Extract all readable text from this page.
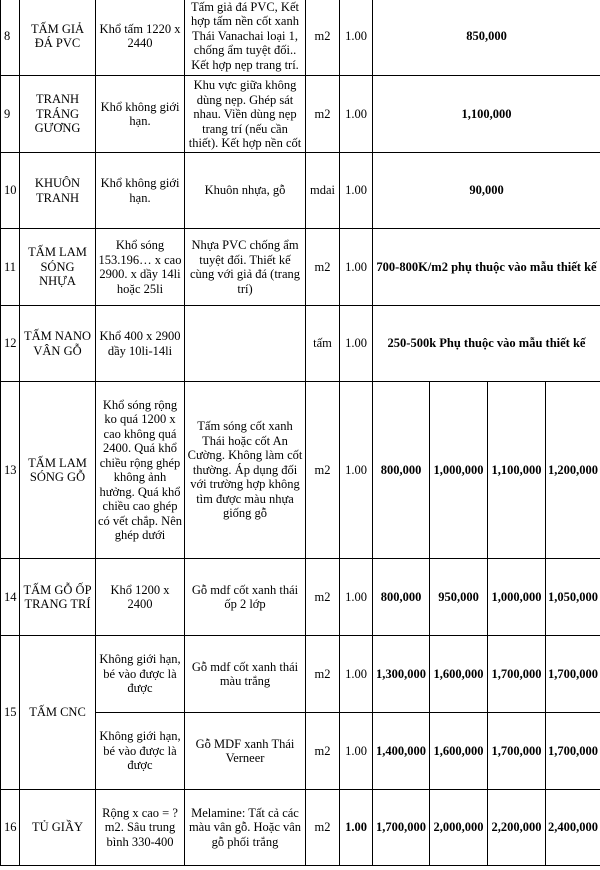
8	TẤM GIẢ ĐÁ PVC	Khổ tấm 1220 x 2440	Tấm giả đá PVC, Kết hợp tấm nền cốt xanh Thái Vanachai loại 1, chống ẩm tuyệt đối.. Kết hợp nẹp trang trí.	m2	1.00	850,000			
9	TRANH TRÁNG GƯƠNG	Khổ không giới hạn.	Khu vực giữa không dùng nẹp. Ghép sát nhau. Viền dùng nẹp trang trí (nếu cần thiết). Kết hợp nền cốt	m2	1.00	1,100,000			
10	KHUÔN TRANH	Khổ không giới hạn.	Khuôn nhựa, gỗ	mdai	1.00	90,000			
11	TẤM LAM SÓNG NHỰA	Khổ sóng 153.196… x cao 2900. x dầy 14li hoặc 25li	Nhựa PVC chống ẩm tuyệt đối. Thiết kế cùng với giả đá (trang trí)	m2	1.00	700-800K/m2 phụ thuộc vào mẫu thiết kế			
12	TẤM NANO VÂN GỖ	Khổ 400 x 2900 dầy 10li-14li		tấm	1.00	250-500k Phụ thuộc vào mẫu thiết kế			
13	TẤM LAM SÓNG GỖ	Khổ sóng rộng ko quá 1200 x cao không quá 2400. Quá khổ chiều rộng ghép không ảnh hưởng. Quá khổ chiều cao ghép có vết chắp. Nên ghép dưới	Tấm sóng cốt xanh Thái hoặc cốt An Cường. Không làm cốt thường. Áp dụng đối với trường hợp không tìm được màu nhựa giống gỗ	m2	1.00	800,000	1,000,000	1,100,000	1,200,000
14	TẤM GỖ ỐP TRANG TRÍ	Khổ 1200 x 2400	Gỗ mdf cốt xanh thái ốp 2 lớp	m2	1.00	800,000	950,000	1,000,000	1,050,000
15	TẤM CNC	Không giới hạn, bé vào được là được	Gỗ mdf cốt xanh thái màu trắng	m2	1.00	1,300,000	1,600,000	1,700,000	1,700,000
		Không giới hạn, bé vào được là được	Gỗ MDF xanh Thái Verneer	m2	1.00	1,400,000	1,600,000	1,700,000	1,700,000
16	TỦ GIẦY	Rộng x cao = ?m2. Sâu trung bình 330-400	Melamine: Tất cả các màu vân gỗ. Hoặc vân gỗ phối trắng	m2	1.00	1,700,000	2,000,000	2,200,000	2,400,000
